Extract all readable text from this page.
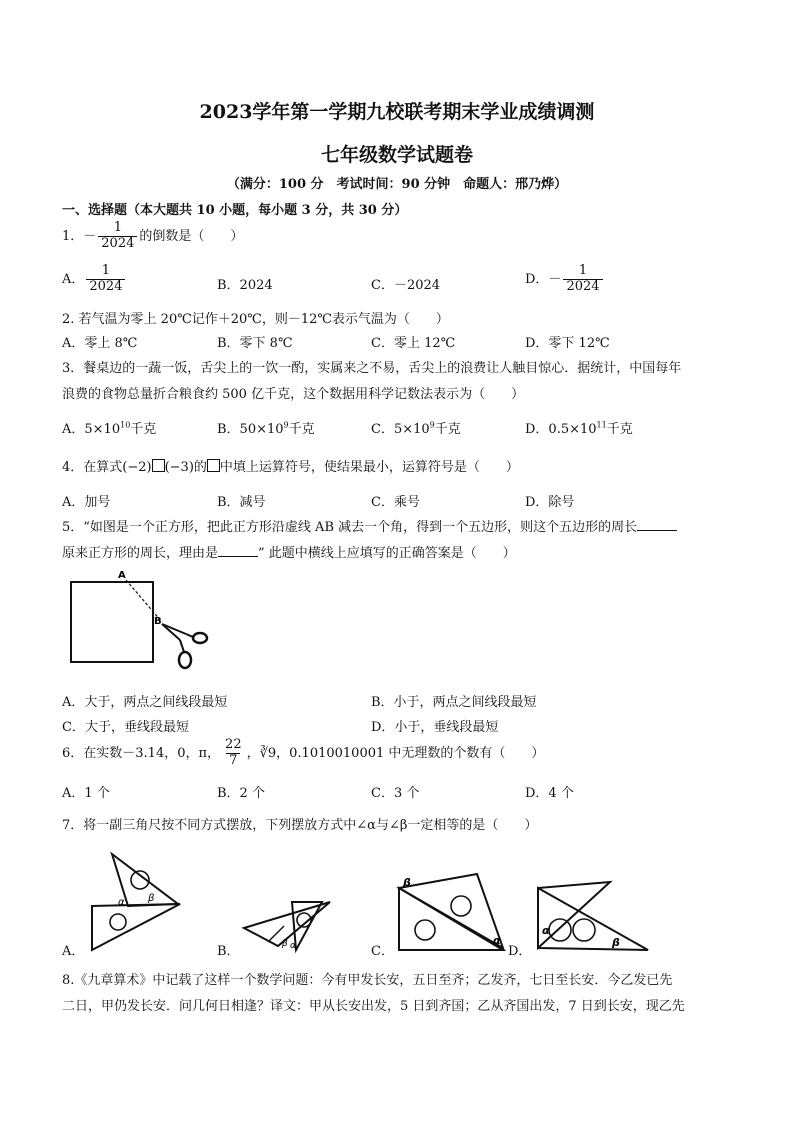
2023学年第一学期九校联考期末学业成绩调测
七年级数学试题卷
（满分：100 分　考试时间：90 分钟　命题人：邢乃烨）
一、选择题（本大题共 10 小题，每小题 3 分，共 30 分）
1．－ $\frac{1}{2024}$ 的倒数是（　　）
A． $\frac{1}{2024}$	B．2024	C．－2024	D．－ $\frac{1}{2024}$
2. 若气温为零上 20℃记作＋20℃，则－12℃表示气温为（　　）
A．零上 8℃	B．零下 8℃	C．零上 12℃	D．零下 12℃
3．餐桌边的一蔬一饭，舌尖上的一饮一酌，实属来之不易，舌尖上的浪费让人触目惊心．据统计，中国每年
浪费的食物总量折合粮食约 500 亿千克，这个数据用科学记数法表示为（　　）
A．$5\times 10^{10}$千克	B．$50\times 10^9$千克	C．$5\times 10^9$千克	D．$0.5\times 10^{11}$千克
4．在算式(−2) (−3)的 中填上运算符号，使结果最小，运算符号是（　　）
A．加号	B．减号	C．乘号	D．除号
5．“如图是一个正方形，把此正方形沿虚线 AB 减去一个角，得到一个五边形，则这个五边形的周长
原来正方形的周长，理由是	” 此题中横线上应填写的正确答案是（　　）
A
B
A．大于，两点之间线段最短	B．小于，两点之间线段最短
C．大于，垂线段最短	D．小于，垂线段最短
6．在实数－3.14，0，π， $\frac{22}{7}$ ，∛9，0.1010010001 中无理数的个数有（　　）
A．1 个	B．2 个	C．3 个	D．4 个
7．将一副三角尺按不同方式摆放，下列摆放方式中∠α与∠β一定相等的是（　　）
α β
A．	β α
B．
β
α
C．
α
β
D．
8.《九章算术》中记载了这样一个数学问题：今有甲发长安，五日至齐；乙发齐，七日至长安．今乙发已先
二日，甲仍发长安．问几何日相逢？译文：甲从长安出发，5 日到齐国；乙从齐国出发，7 日到长安，现乙先
